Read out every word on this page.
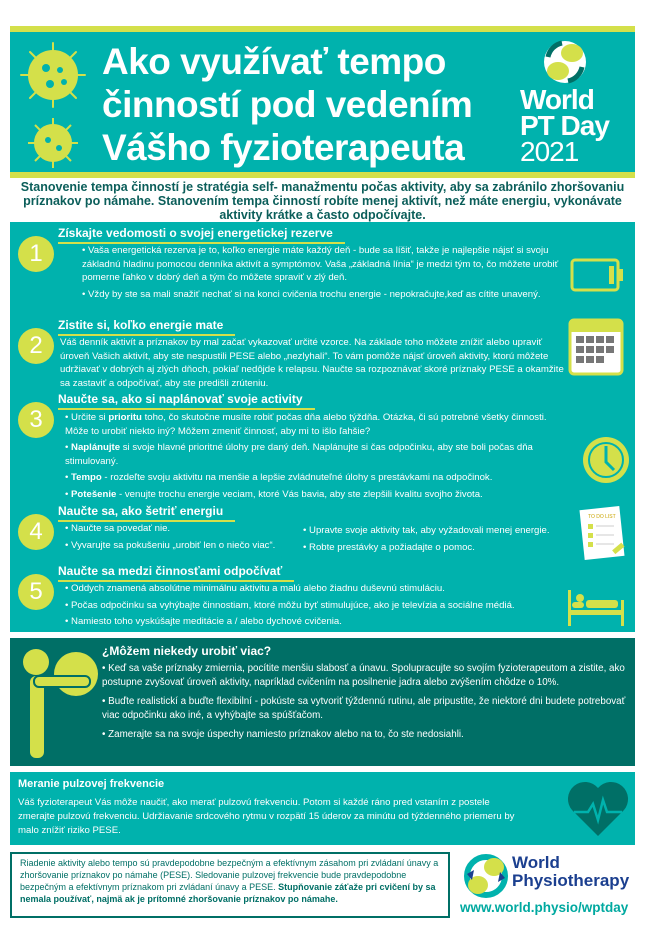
Ako využívať tempo
činností pod vedením
Vášho fyzioterapeuta
World
PT Day
2021
Stanovenie tempa činností je stratégia self- manažmentu počas aktivity, aby sa zabránilo zhoršovaniu príznakov po námahe. Stanovením tempa činností robíte menej aktivít, než máte energiu, vykonávate aktivity krátke a často odpočívajte.
1
Získajte vedomosti o svojej energetickej rezerve

• Vaša energetická rezerva je to, koľko energie máte každý deň - bude sa líšiť, takže je najlepšie nájsť si svoju základnú hladinu pomocou denníka aktivít a symptómov. Vaša „základná línia“ je medzi tým to, čo môžete urobiť pomerne ľahko v dobrý deň a tým čo môžete spraviť v zlý deň.

• Vždy by ste sa mali snažiť nechať si na konci cvičenia trochu energie - nepokračujte,keď as cítite unavený.

2
Zistite si, koľko energie mate
Váš denník aktivít a príznakov by mal začať vykazovať určité vzorce. Na základe toho môžete znížiť alebo upraviť úroveň Vašich aktivít, aby ste nespustili PESE alebo „nezlyhali“. To vám pomôže nájsť úroveň aktivity, ktorú môžete udržiavať v dobrých aj zlých dňoch, pokiaľ nedôjde k relapsu. Naučte sa rozpoznávať skoré príznaky PESE a okamžite sa zastaviť a odpočívať, aby ste predišli zrúteniu.
3
Naučte sa, ako si naplánovať svoje activity

• Určite si prioritu toho, čo skutočne musíte robiť počas dňa alebo týždňa. Otázka, či sú potrebné všetky činnosti. Môže to urobiť niekto iný? Môžem zmeniť činnosť, aby mi to išlo ľahšie?

• Naplánujte si svoje hlavné prioritné úlohy pre daný deň. Naplánujte si čas odpočinku, aby ste boli počas dňa stimulovaný.

• Tempo - rozdeľte svoju aktivitu na menšie a lepšie zvládnuteľné úlohy s prestávkami na odpočinok.

• Potešenie - venujte trochu energie veciam, ktoré Vás bavia, aby ste zlepšili kvalitu svojho života.

4
Naučte sa, ako šetriť energiu

• Naučte sa povedať nie.

• Vyvarujte sa pokušeniu „urobiť len o niečo viac“.

• Upravte svoje aktivity tak, aby vyžadovali menej energie.

• Robte prestávky a požiadajte o pomoc.

TO DO LIST
5
Naučte sa medzi činnosťami odpočívať

• Oddych znamená absolútne minimálnu aktivitu a malú alebo žiadnu duševnú stimuláciu.

• Počas odpočinku sa vyhýbajte činnostiam, ktoré môžu byť stimulujúce, ako je televízia a sociálne médiá.

• Namiesto toho vyskúšajte meditácie a / alebo dychové cvičenia.

¿Môžem niekedy urobiť viac?

• Keď sa vaše príznaky zmiernia, pocítite menšiu slabosť a únavu. Spolupracujte so svojím fyzioterapeutom a zistite, ako postupne zvyšovať úroveň aktivity, napríklad cvičením na posilnenie jadra alebo zvýšením chôdze o 10%.

• Buďte realistickí a buďte flexibilní - pokúste sa vytvoriť týždennú rutinu, ale pripustite, že niektoré dni budete potrebovať viac odpočinku ako iné, a vyhýbajte sa spúšťačom.

• Zamerajte sa na svoje úspechy namiesto príznakov alebo na to, čo ste nedosiahli.

Meranie pulzovej frekvencie
Váš fyzioterapeut Vás môže naučiť, ako merať pulzovú frekvenciu. Potom si každé ráno pred vstaním z postele zmerajte pulzovú frekvenciu. Udržiavanie srdcového rytmu v rozpätí 15 úderov za minútu od týždenného priemeru by malo znížiť riziko PESE.
Riadenie aktivity alebo tempo sú pravdepodobne bezpečným a efektívnym zásahom pri zvládaní únavy a zhoršovanie príznakov po námahe (PESE). Sledovanie pulzovej frekvencie bude pravdepodobne bezpečným a efektívnym príznakom pri zvládaní únavy a PESE. Stupňovanie záťaže pri cvičení by sa nemala používať, najmä ak je prítomné zhoršovanie príznakov po námahe.
World
Physiotherapy
www.world.physio/wptday
